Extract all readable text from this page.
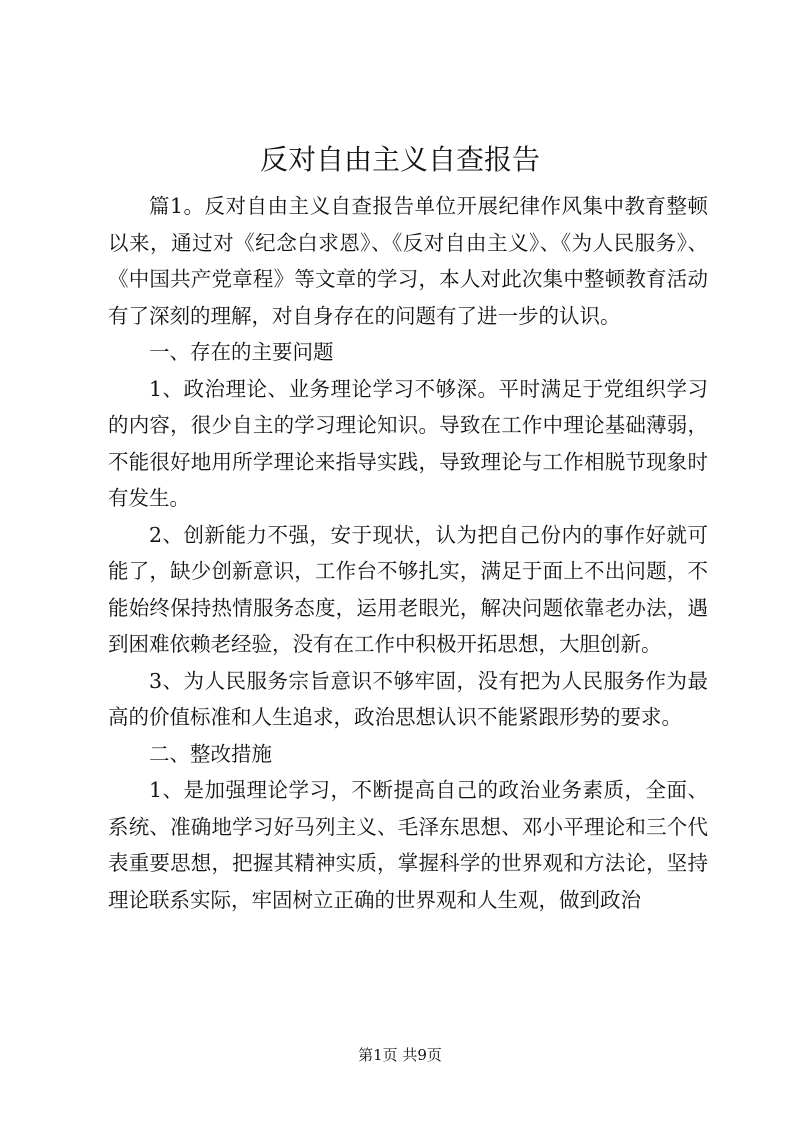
反对自由主义自查报告

篇1。反对自由主义自查报告单位开展纪律作风集中教育整顿以来，通过对《纪念白求恩》、《反对自由主义》、《为人民服务》、《中国共产党章程》等文章的学习，本人对此次集中整顿教育活动有了深刻的理解，对自身存在的问题有了进一步的认识。

一、存在的主要问题

1、政治理论、业务理论学习不够深。平时满足于党组织学习的内容，很少自主的学习理论知识。导致在工作中理论基础薄弱，不能很好地用所学理论来指导实践，导致理论与工作相脱节现象时有发生。

2、创新能力不强，安于现状，认为把自己份内的事作好就可能了，缺少创新意识，工作台不够扎实，满足于面上不出问题，不能始终保持热情服务态度，运用老眼光，解决问题依靠老办法，遇到困难依赖老经验，没有在工作中积极开拓思想，大胆创新。

3、为人民服务宗旨意识不够牢固，没有把为人民服务作为最高的价值标准和人生追求，政治思想认识不能紧跟形势的要求。

二、整改措施

1、是加强理论学习，不断提高自己的政治业务素质，全面、系统、准确地学习好马列主义、毛泽东思想、邓小平理论和三个代表重要思想，把握其精神实质，掌握科学的世界观和方法论，坚持理论联系实际，牢固树立正确的世界观和人生观，做到政治

第1页 共9页
